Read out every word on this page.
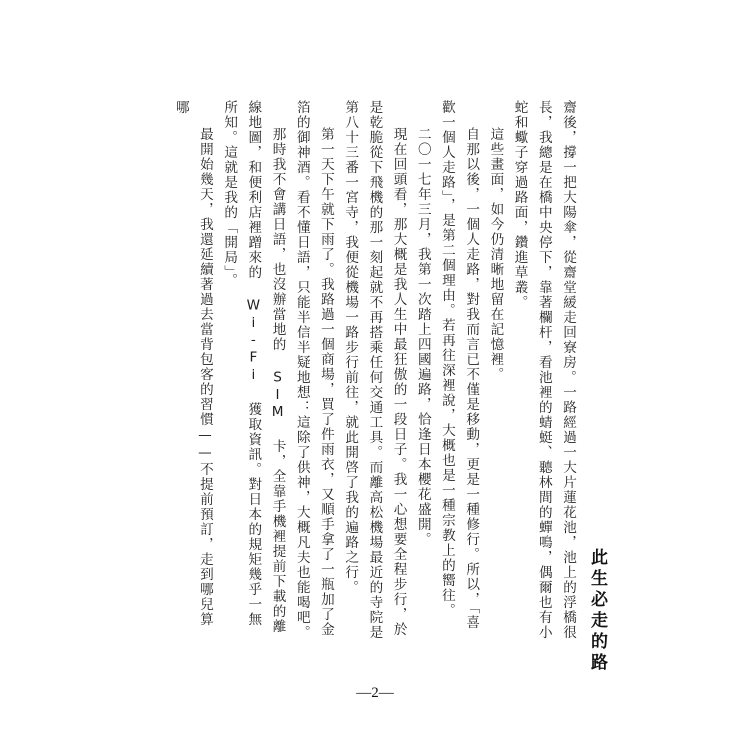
此生必走的路

齋後，撐一把大陽傘，從齋堂緩走回寮房。一路經過一大片蓮花池，池上的浮橋很長，我總是在橋中央停下，靠著欄杆，看池裡的蜻蜓、聽林間的蟬鳴，偶爾也有小蛇和蠍子穿過路面，鑽進草叢。

這些畫面，如今仍清晰地留在記憶裡。

自那以後，一個人走路，對我而言已不僅是移動，更是一種修行。所以，「喜歡一個人走路」，是第二個理由。若再往深裡說，大概也是一種宗教上的嚮往。

二〇一七年三月，我第一次踏上四國遍路，恰逢日本櫻花盛開。

現在回頭看，那大概是我人生中最狂傲的一段日子。我一心想要全程步行，於是乾脆從下飛機的那一刻起就不再搭乘任何交通工具。而離高松機場最近的寺院是第八十三番一宮寺，我便從機場一路步行前往，就此開啓了我的遍路之行。

第一天下午就下雨了。我路過一個商場，買了件雨衣，又順手拿了一瓶加了金箔的御神酒。看不懂日語，只能半信半疑地想：這除了供神，大概凡夫也能喝吧。

那時我不會講日語，也沒辦當地的 SIM 卡，全靠手機裡提前下載的離線地圖，和便利店裡蹭來的 Wi-Fi 獲取資訊。對日本的規矩幾乎一無所知。這就是我的「開局」。

最開始幾天，我還延續著過去當背包客的習慣——不提前預訂，走到哪兒算哪

—2—
